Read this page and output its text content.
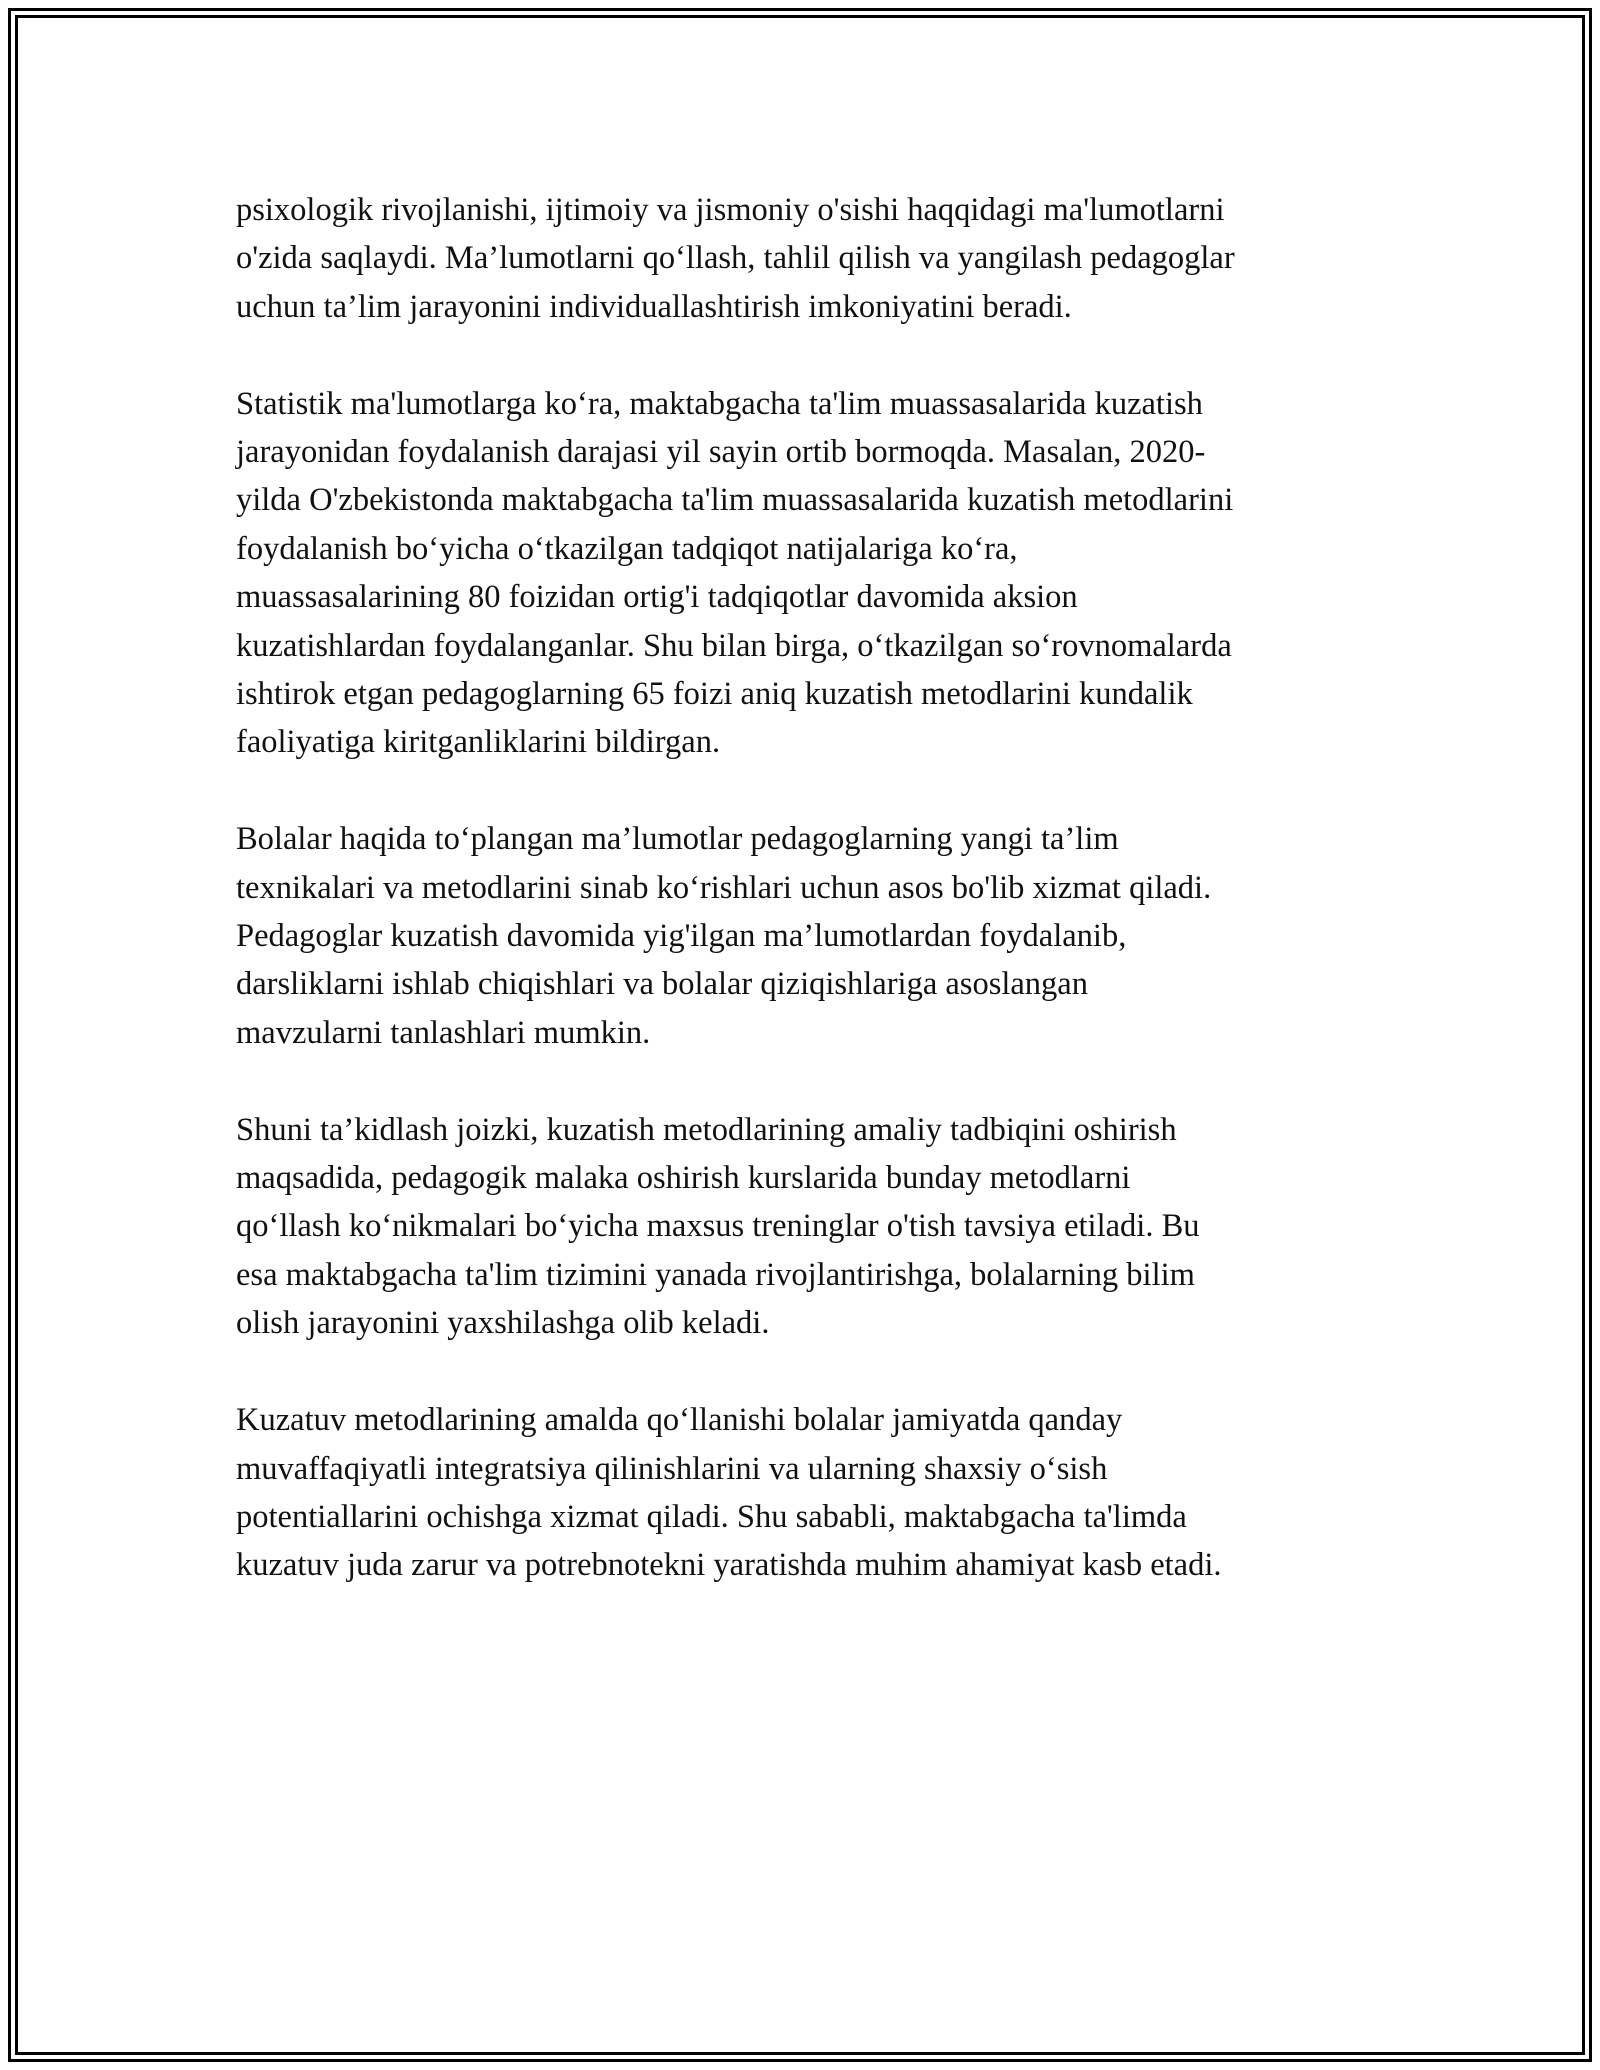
psixologik rivojlanishi, ijtimoiy va jismoniy o'sishi haqqidagi ma'lumotlarni
o'zida saqlaydi. Ma’lumotlarni qo‘llash, tahlil qilish va yangilash pedagoglar
uchun ta’lim jarayonini individuallashtirish imkoniyatini beradi.

Statistik ma'lumotlarga ko‘ra, maktabgacha ta'lim muassasalarida kuzatish
jarayonidan foydalanish darajasi yil sayin ortib bormoqda. Masalan, 2020-
yilda O'zbekistonda maktabgacha ta'lim muassasalarida kuzatish metodlarini
foydalanish bo‘yicha o‘tkazilgan tadqiqot natijalariga ko‘ra,
muassasalarining 80 foizidan ortig'i tadqiqotlar davomida aksion
kuzatishlardan foydalanganlar. Shu bilan birga, o‘tkazilgan so‘rovnomalarda
ishtirok etgan pedagoglarning 65 foizi aniq kuzatish metodlarini kundalik
faoliyatiga kiritganliklarini bildirgan.

Bolalar haqida to‘plangan ma’lumotlar pedagoglarning yangi ta’lim
texnikalari va metodlarini sinab ko‘rishlari uchun asos bo'lib xizmat qiladi.
Pedagoglar kuzatish davomida yig'ilgan ma’lumotlardan foydalanib,
darsliklarni ishlab chiqishlari va bolalar qiziqishlariga asoslangan
mavzularni tanlashlari mumkin.

Shuni ta’kidlash joizki, kuzatish metodlarining amaliy tadbiqini oshirish
maqsadida, pedagogik malaka oshirish kurslarida bunday metodlarni
qo‘llash ko‘nikmalari bo‘yicha maxsus treninglar o'tish tavsiya etiladi. Bu
esa maktabgacha ta'lim tizimini yanada rivojlantirishga, bolalarning bilim
olish jarayonini yaxshilashga olib keladi.

Kuzatuv metodlarining amalda qo‘llanishi bolalar jamiyatda qanday
muvaffaqiyatli integratsiya qilinishlarini va ularning shaxsiy o‘sish
potentiallarini ochishga xizmat qiladi. Shu sababli, maktabgacha ta'limda
kuzatuv juda zarur va potrebnotekni yaratishda muhim ahamiyat kasb etadi.
